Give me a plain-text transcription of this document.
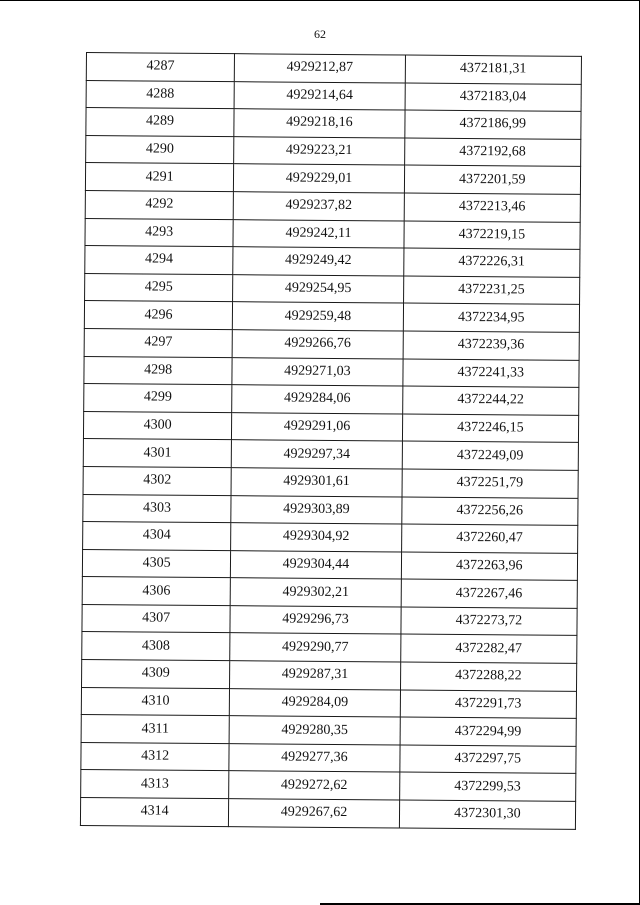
62
4287	4929212,87	4372181,31
4288	4929214,64	4372183,04
4289	4929218,16	4372186,99
4290	4929223,21	4372192,68
4291	4929229,01	4372201,59
4292	4929237,82	4372213,46
4293	4929242,11	4372219,15
4294	4929249,42	4372226,31
4295	4929254,95	4372231,25
4296	4929259,48	4372234,95
4297	4929266,76	4372239,36
4298	4929271,03	4372241,33
4299	4929284,06	4372244,22
4300	4929291,06	4372246,15
4301	4929297,34	4372249,09
4302	4929301,61	4372251,79
4303	4929303,89	4372256,26
4304	4929304,92	4372260,47
4305	4929304,44	4372263,96
4306	4929302,21	4372267,46
4307	4929296,73	4372273,72
4308	4929290,77	4372282,47
4309	4929287,31	4372288,22
4310	4929284,09	4372291,73
4311	4929280,35	4372294,99
4312	4929277,36	4372297,75
4313	4929272,62	4372299,53
4314	4929267,62	4372301,30
